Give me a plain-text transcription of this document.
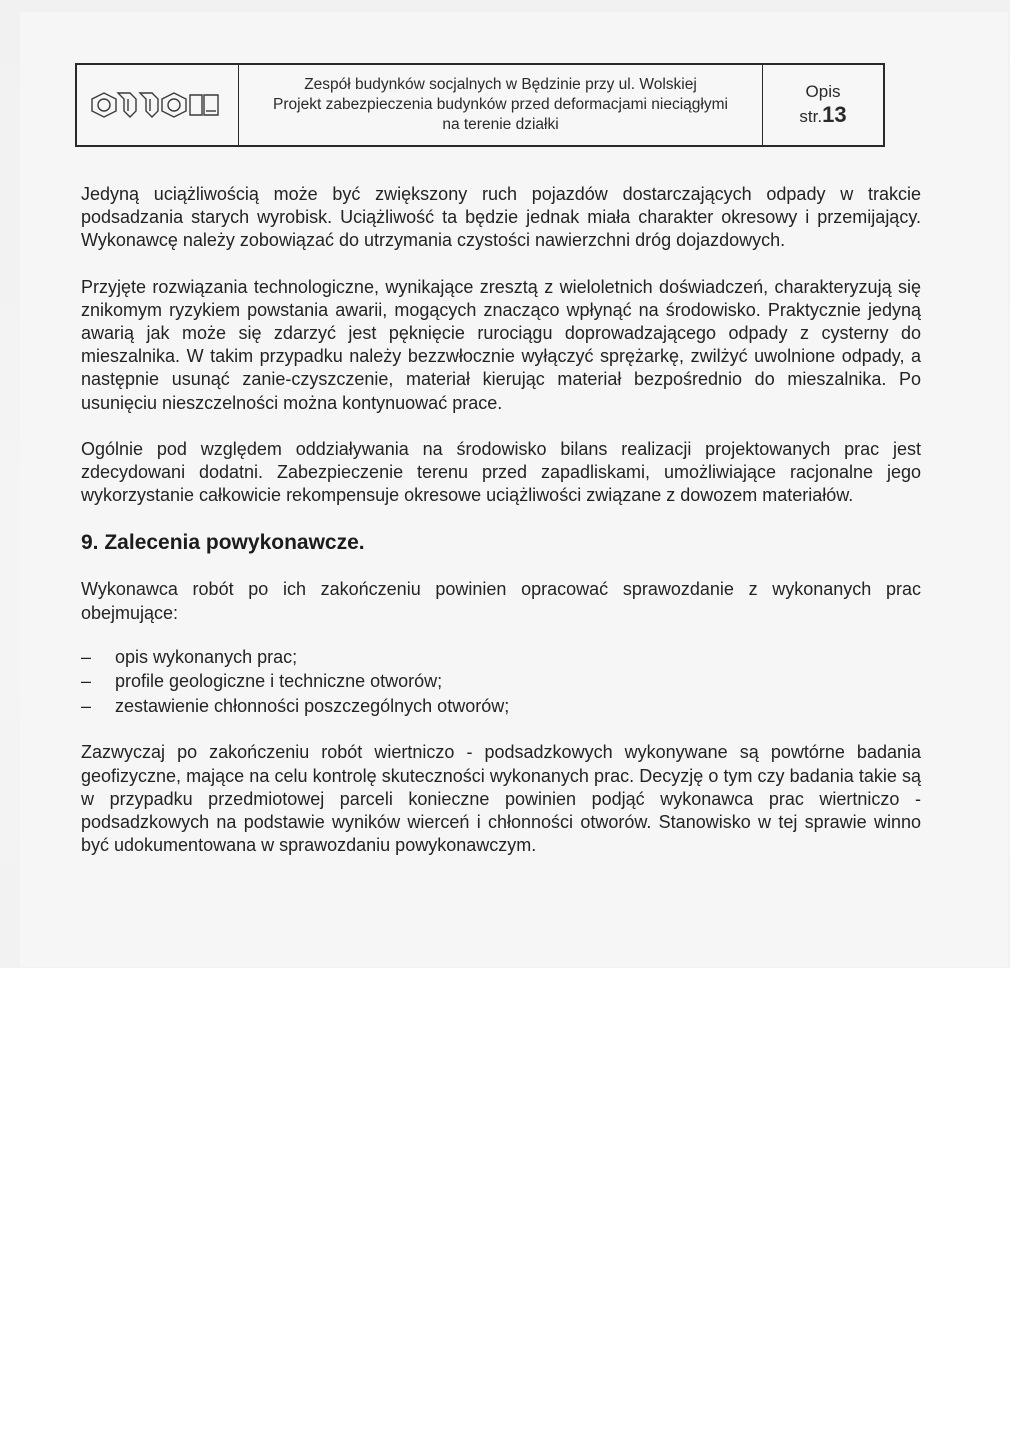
Zespół budynków socjalnych w Będzinie przy ul. Wolskiej
Projekt zabezpieczenia budynków przed deformacjami nieciągłymi
na terenie działki
Opis
str.13

Jedyną uciążliwością może być zwiększony ruch pojazdów dostarczających odpady w trakcie podsadzania starych wyrobisk. Uciążliwość ta będzie jednak miała charakter okresowy i przemijający. Wykonawcę należy zobowiązać do utrzymania czystości nawierzchni dróg dojazdowych.

Przyjęte rozwiązania technologiczne, wynikające zresztą z wieloletnich doświadczeń, charakteryzują się znikomym ryzykiem powstania awarii, mogących znacząco wpłynąć na środowisko. Praktycznie jedyną awarią jak może się zdarzyć jest pęknięcie rurociągu doprowadzającego odpady z cysterny do mieszalnika. W takim przypadku należy bezzwłocznie wyłączyć sprężarkę, zwilżyć uwolnione odpady, a następnie usunąć zanie-czyszczenie, materiał kierując materiał bezpośrednio do mieszalnika. Po usunięciu nieszczelności można kontynuować prace.

Ogólnie pod względem oddziaływania na środowisko bilans realizacji projektowanych prac jest zdecydowani dodatni. Zabezpieczenie terenu przed zapadliskami, umożliwiające racjonalne jego wykorzystanie całkowicie rekompensuje okresowe uciążliwości związane z dowozem materiałów.

9. Zalecenia powykonawcze.

Wykonawca robót po ich zakończeniu powinien opracować sprawozdanie z wykonanych prac obejmujące:

– opis wykonanych prac;
– profile geologiczne i techniczne otworów;
– zestawienie chłonności poszczególnych otworów;

Zazwyczaj po zakończeniu robót wiertniczo - podsadzkowych wykonywane są powtórne badania geofizyczne, mające na celu kontrolę skuteczności wykonanych prac. Decyzję o tym czy badania takie są w przypadku przedmiotowej parceli konieczne powinien podjąć wykonawca prac wiertniczo - podsadzkowych na podstawie wyników wierceń i chłonności otworów. Stanowisko w tej sprawie winno być udokumentowana w sprawozdaniu powykonawczym.
